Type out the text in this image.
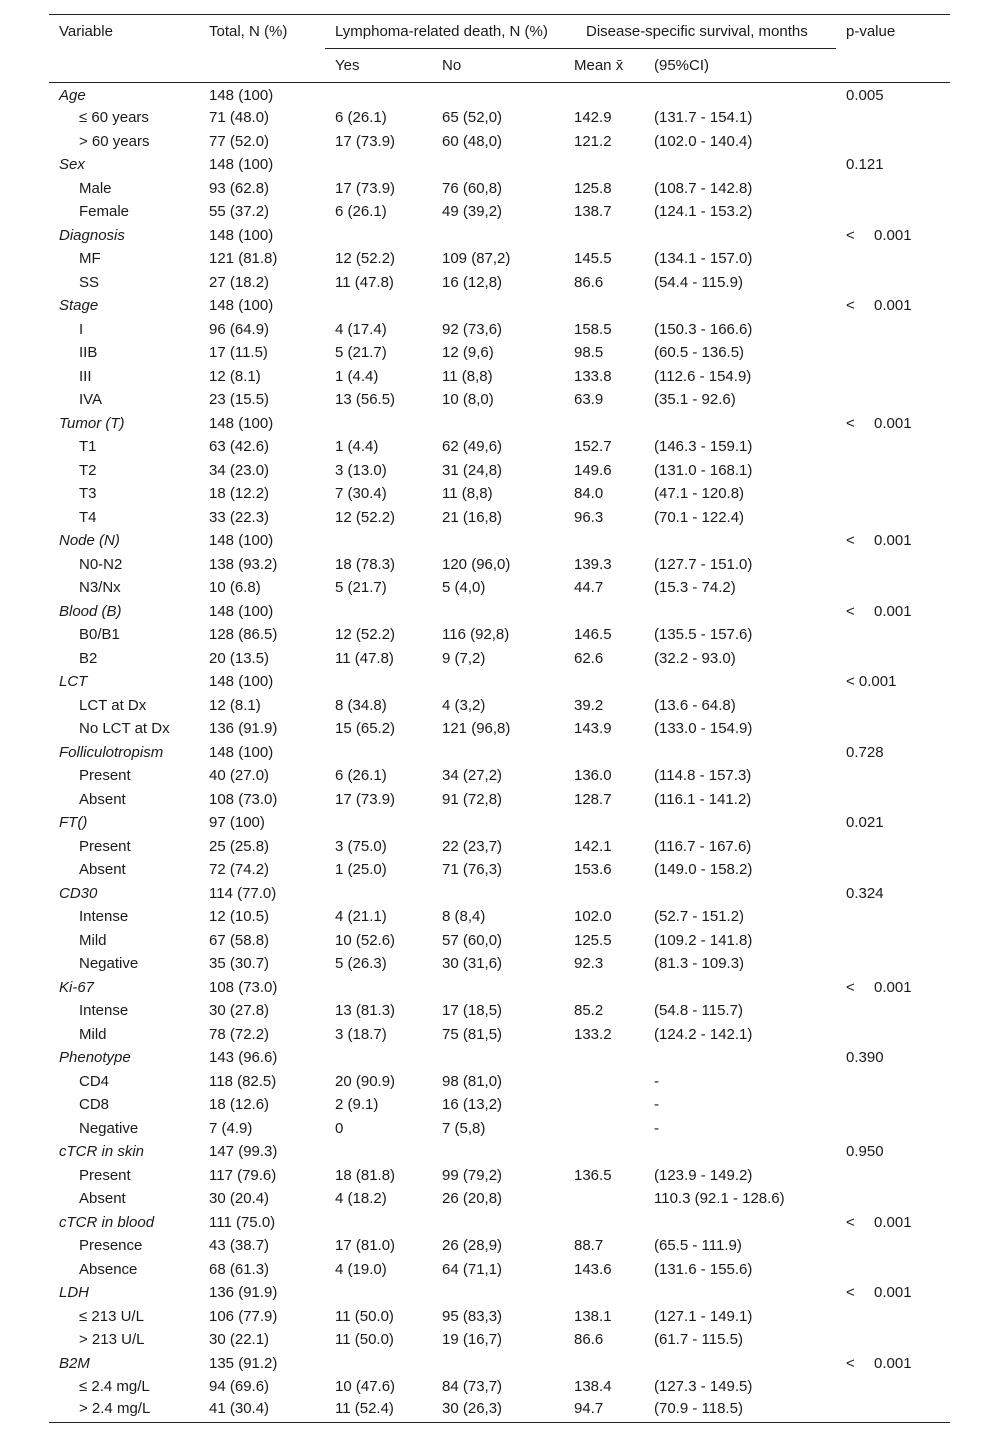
Variable	Total, N (%)	Lymphoma-related death, N (%)		Disease-specific survival, months		p-value
		Yes	No	Mean x̄	(95%CI)	
Age	148 (100)					0.005
≤ 60 years	71 (48.0)	6 (26.1)	65 (52,0)	142.9	(131.7 - 154.1)	
> 60 years	77 (52.0)	17 (73.9)	60 (48,0)	121.2	(102.0 - 140.4)	
Sex	148 (100)					0.121
Male	93 (62.8)	17 (73.9)	76 (60,8)	125.8	(108.7 - 142.8)	
Female	55 (37.2)	6 (26.1)	49 (39,2)	138.7	(124.1 - 153.2)	
Diagnosis	148 (100)					< 0.001
MF	121 (81.8)	12 (52.2)	109 (87,2)	145.5	(134.1 - 157.0)	
SS	27 (18.2)	11 (47.8)	16 (12,8)	86.6	(54.4 - 115.9)	
Stage	148 (100)					< 0.001
I	96 (64.9)	4 (17.4)	92 (73,6)	158.5	(150.3 - 166.6)	
IIB	17 (11.5)	5 (21.7)	12 (9,6)	98.5	(60.5 - 136.5)	
III	12 (8.1)	1 (4.4)	11 (8,8)	133.8	(112.6 - 154.9)	
IVA	23 (15.5)	13 (56.5)	10 (8,0)	63.9	(35.1 - 92.6)	
Tumor (T)	148 (100)					< 0.001
T1	63 (42.6)	1 (4.4)	62 (49,6)	152.7	(146.3 - 159.1)	
T2	34 (23.0)	3 (13.0)	31 (24,8)	149.6	(131.0 - 168.1)	
T3	18 (12.2)	7 (30.4)	11 (8,8)	84.0	(47.1 - 120.8)	
T4	33 (22.3)	12 (52.2)	21 (16,8)	96.3	(70.1 - 122.4)	
Node (N)	148 (100)					< 0.001
N0-N2	138 (93.2)	18 (78.3)	120 (96,0)	139.3	(127.7 - 151.0)	
N3/Nx	10 (6.8)	5 (21.7)	5 (4,0)	44.7	(15.3 - 74.2)	
Blood (B)	148 (100)					< 0.001
B0/B1	128 (86.5)	12 (52.2)	116 (92,8)	146.5	(135.5 - 157.6)	
B2	20 (13.5)	11 (47.8)	9 (7,2)	62.6	(32.2 - 93.0)	
LCT	148 (100)					< 0.001
LCT at Dx	12 (8.1)	8 (34.8)	4 (3,2)	39.2	(13.6 - 64.8)	
No LCT at Dx	136 (91.9)	15 (65.2)	121 (96,8)	143.9	(133.0 - 154.9)	
Folliculotropism	148 (100)					0.728
Present	40 (27.0)	6 (26.1)	34 (27,2)	136.0	(114.8 - 157.3)	
Absent	108 (73.0)	17 (73.9)	91 (72,8)	128.7	(116.1 - 141.2)	
FT()	97 (100)					0.021
Present	25 (25.8)	3 (75.0)	22 (23,7)	142.1	(116.7 - 167.6)	
Absent	72 (74.2)	1 (25.0)	71 (76,3)	153.6	(149.0 - 158.2)	
CD30	114 (77.0)					0.324
Intense	12 (10.5)	4 (21.1)	8 (8,4)	102.0	(52.7 - 151.2)	
Mild	67 (58.8)	10 (52.6)	57 (60,0)	125.5	(109.2 - 141.8)	
Negative	35 (30.7)	5 (26.3)	30 (31,6)	92.3	(81.3 - 109.3)	
Ki-67	108 (73.0)					< 0.001
Intense	30 (27.8)	13 (81.3)	17 (18,5)	85.2	(54.8 - 115.7)	
Mild	78 (72.2)	3 (18.7)	75 (81,5)	133.2	(124.2 - 142.1)	
Phenotype	143 (96.6)					0.390
CD4	118 (82.5)	20 (90.9)	98 (81,0)		-	
CD8	18 (12.6)	2 (9.1)	16 (13,2)		-	
Negative	7 (4.9)	0	7 (5,8)		-	
cTCR in skin	147 (99.3)					0.950
Present	117 (79.6)	18 (81.8)	99 (79,2)	136.5	(123.9 - 149.2)	
Absent	30 (20.4)	4 (18.2)	26 (20,8)		110.3 (92.1 - 128.6)	
cTCR in blood	111 (75.0)					< 0.001
Presence	43 (38.7)	17 (81.0)	26 (28,9)	88.7	(65.5 - 111.9)	
Absence	68 (61.3)	4 (19.0)	64 (71,1)	143.6	(131.6 - 155.6)	
LDH	136 (91.9)					< 0.001
≤ 213 U/L	106 (77.9)	11 (50.0)	95 (83,3)	138.1	(127.1 - 149.1)	
> 213 U/L	30 (22.1)	11 (50.0)	19 (16,7)	86.6	(61.7 - 115.5)	
B2M	135 (91.2)					< 0.001
≤ 2.4 mg/L	94 (69.6)	10 (47.6)	84 (73,7)	138.4	(127.3 - 149.5)	
> 2.4 mg/L	41 (30.4)	11 (52.4)	30 (26,3)	94.7	(70.9 - 118.5)	
